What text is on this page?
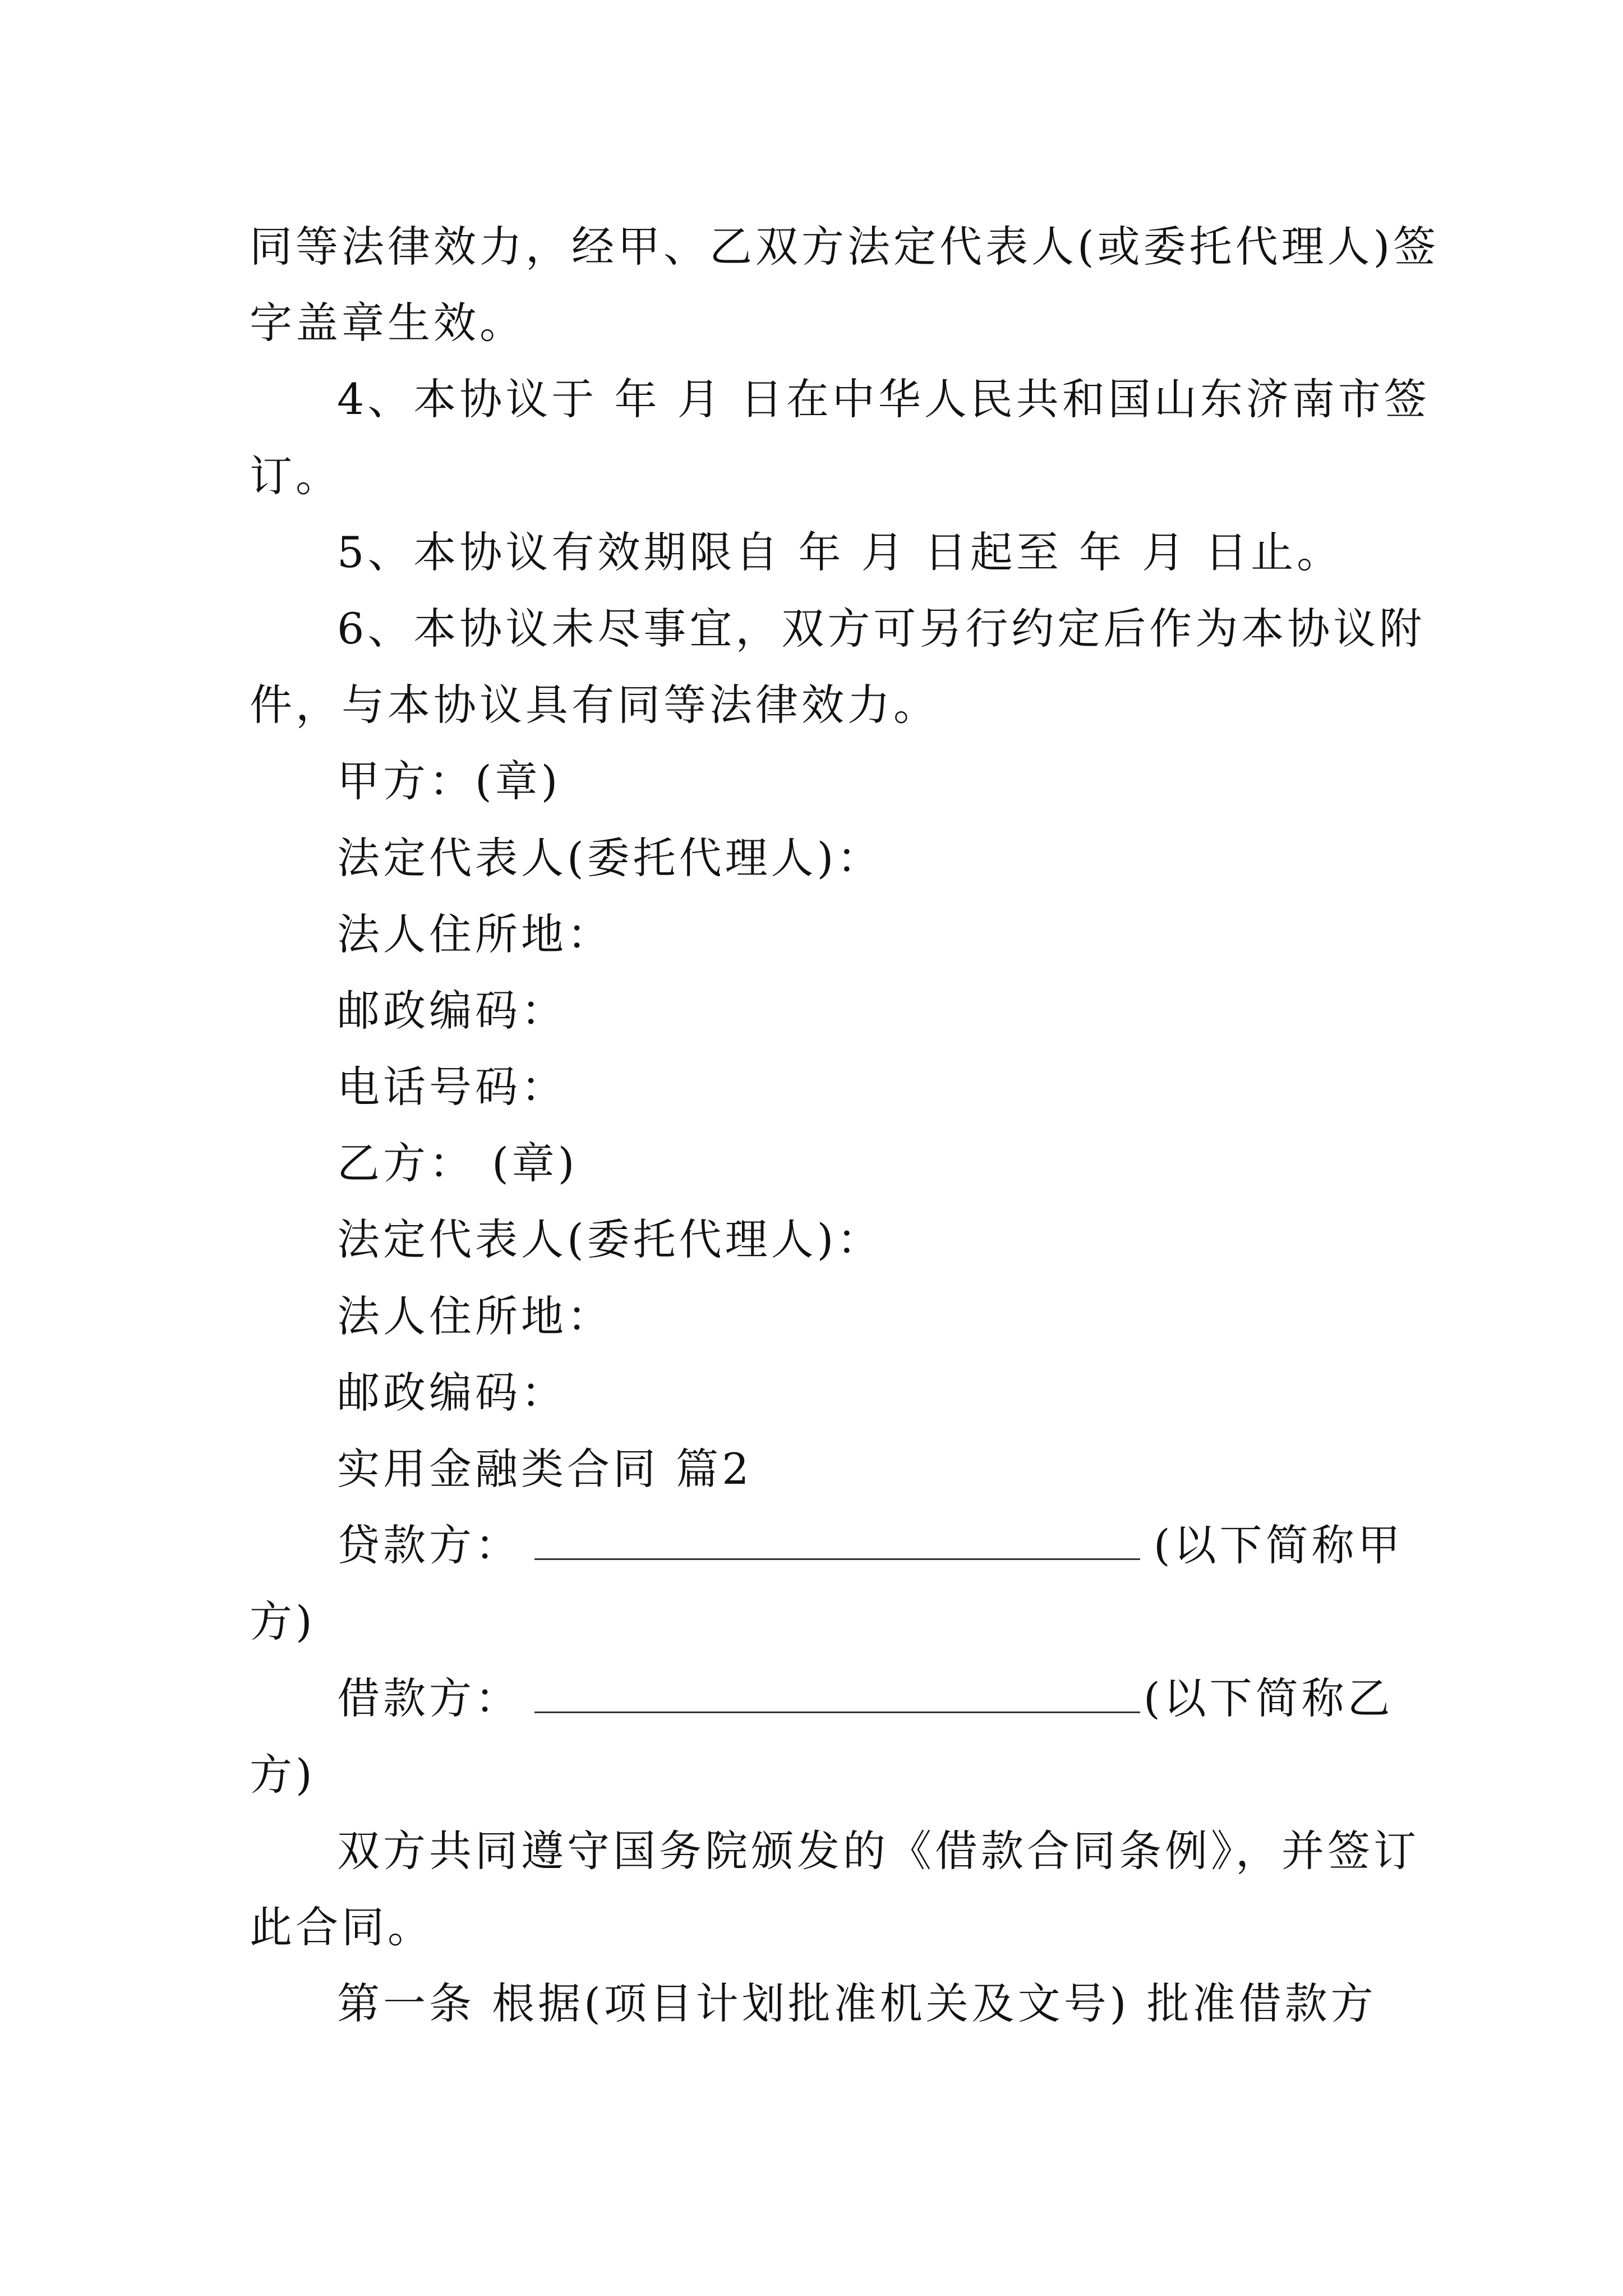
同等法律效力，经甲、乙双方法定代表人(或委托代理人)签
字盖章生效。
4、本协议于 年 月 日在中华人民共和国山东济南市签
订。
5、本协议有效期限自 年 月 日起至 年 月 日止。
6、本协议未尽事宜，双方可另行约定后作为本协议附
件，与本协议具有同等法律效力。
甲方：(章)
法定代表人(委托代理人)：
法人住所地：
邮政编码：
电话号码：
乙方： (章)
法定代表人(委托代理人)：
法人住所地：
邮政编码：
实用金融类合同 篇2
贷款方：	(以下简称甲
方)
借款方：	(以下简称乙
方)
双方共同遵守国务院颁发的《借款合同条例》，并签订
此合同。
第一条 根据(项目计划批准机关及文号) 批准借款方
